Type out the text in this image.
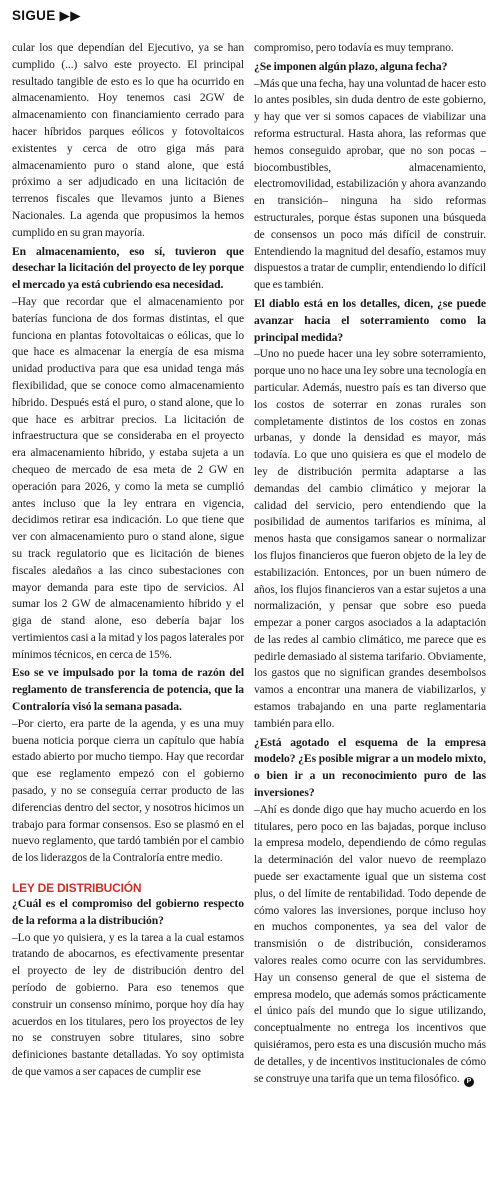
SIGUE ▶▶

cular los que dependían del Ejecutivo, ya se han cumplido (...) salvo este proyecto. El principal resultado tangible de esto es lo que ha ocurrido en almacenamiento. Hoy tenemos casi 2GW de almacenamiento con financiamiento cerrado para hacer híbridos parques eólicos y fotovoltaicos existentes y cerca de otro giga más para almacenamiento puro o stand alone, que está próximo a ser adjudicado en una licitación de terrenos fiscales que llevamos junto a Bienes Nacionales. La agenda que propusimos la hemos cumplido en su gran mayoría.

En almacenamiento, eso sí, tuvieron que desechar la licitación del proyecto de ley porque el mercado ya está cubriendo esa necesidad.

–Hay que recordar que el almacenamiento por baterías funciona de dos formas distintas, el que funciona en plantas fotovoltaicas o eólicas, que lo que hace es almacenar la energía de esa misma unidad productiva para que esa unidad tenga más flexibilidad, que se conoce como almacenamiento híbrido. Después está el puro, o stand alone, que lo que hace es arbitrar precios. La licitación de infraestructura que se consideraba en el proyecto era almacenamiento híbrido, y estaba sujeta a un chequeo de mercado de esa meta de 2 GW en operación para 2026, y como la meta se cumplió antes incluso que la ley entrara en vigencia, decidimos retirar esa indicación. Lo que tiene que ver con almacenamiento puro o stand alone, sigue su track regulatorio que es licitación de bienes fiscales aledaños a las cinco subestaciones con mayor demanda para este tipo de servicios. Al sumar los 2 GW de almacenamiento híbrido y el giga de stand alone, eso debería bajar los vertimientos casi a la mitad y los pagos laterales por mínimos técnicos, en cerca de 15%.

Eso se ve impulsado por la toma de razón del reglamento de transferencia de potencia, que la Contraloría visó la semana pasada.

–Por cierto, era parte de la agenda, y es una muy buena noticia porque cierra un capítulo que había estado abierto por mucho tiempo. Hay que recordar que ese reglamento empezó con el gobierno pasado, y no se conseguía cerrar producto de las diferencias dentro del sector, y nosotros hicimos un trabajo para formar consensos. Eso se plasmó en el nuevo reglamento, que tardó también por el cambio de los liderazgos de la Contraloría entre medio.

LEY DE DISTRIBUCIÓN

¿Cuál es el compromiso del gobierno respecto de la reforma a la distribución?

–Lo que yo quisiera, y es la tarea a la cual estamos tratando de abocarnos, es efectivamente presentar el proyecto de ley de distribución dentro del período de gobierno. Para eso tenemos que construir un consenso mínimo, porque hoy día hay acuerdos en los titulares, pero los proyectos de ley no se construyen sobre titulares, sino sobre definiciones bastante detalladas. Yo soy optimista de que vamos a ser capaces de cumplir ese

compromiso, pero todavía es muy temprano.

¿Se imponen algún plazo, alguna fecha?

–Más que una fecha, hay una voluntad de hacer esto lo antes posibles, sin duda dentro de este gobierno, y hay que ver si somos capaces de viabilizar una reforma estructural. Hasta ahora, las reformas que hemos conseguido aprobar, que no son pocas –biocombustibles, almacenamiento, electromovilidad, estabilización y ahora avanzando en transición– ninguna ha sido reformas estructurales, porque éstas suponen una búsqueda de consensos un poco más difícil de construir. Entendiendo la magnitud del desafío, estamos muy dispuestos a tratar de cumplir, entendiendo lo difícil que es también.

El diablo está en los detalles, dicen, ¿se puede avanzar hacia el soterramiento como la principal medida?

–Uno no puede hacer una ley sobre soterramiento, porque uno no hace una ley sobre una tecnología en particular. Además, nuestro país es tan diverso que los costos de soterrar en zonas rurales son completamente distintos de los costos en zonas urbanas, y donde la densidad es mayor, más todavía. Lo que uno quisiera es que el modelo de ley de distribución permita adaptarse a las demandas del cambio climático y mejorar la calidad del servicio, pero entendiendo que la posibilidad de aumentos tarifarios es mínima, al menos hasta que consigamos sanear o normalizar los flujos financieros que fueron objeto de la ley de estabilización. Entonces, por un buen número de años, los flujos financieros van a estar sujetos a una normalización, y pensar que sobre eso pueda empezar a poner cargos asociados a la adaptación de las redes al cambio climático, me parece que es pedirle demasiado al sistema tarifario. Obviamente, los gastos que no significan grandes desembolsos vamos a encontrar una manera de viabilizarlos, y estamos trabajando en una parte reglamentaria también para ello.

¿Está agotado el esquema de la empresa modelo? ¿Es posible migrar a un modelo mixto, o bien ir a un reconocimiento puro de las inversiones?

–Ahí es donde digo que hay mucho acuerdo en los titulares, pero poco en las bajadas, porque incluso la empresa modelo, dependiendo de cómo regulas la determinación del valor nuevo de reemplazo puede ser exactamente igual que un sistema cost plus, o del límite de rentabilidad. Todo depende de cómo valores las inversiones, porque incluso hoy en muchos componentes, ya sea del valor de transmisión o de distribución, consideramos valores reales como ocurre con las servidumbres. Hay un consenso general de que el sistema de empresa modelo, que además somos prácticamente el único país del mundo que lo sigue utilizando, conceptualmente no entrega los incentivos que quisiéramos, pero esta es una discusión mucho más de detalles, y de incentivos institucionales de cómo se construye una tarifa que un tema filosófico. P
